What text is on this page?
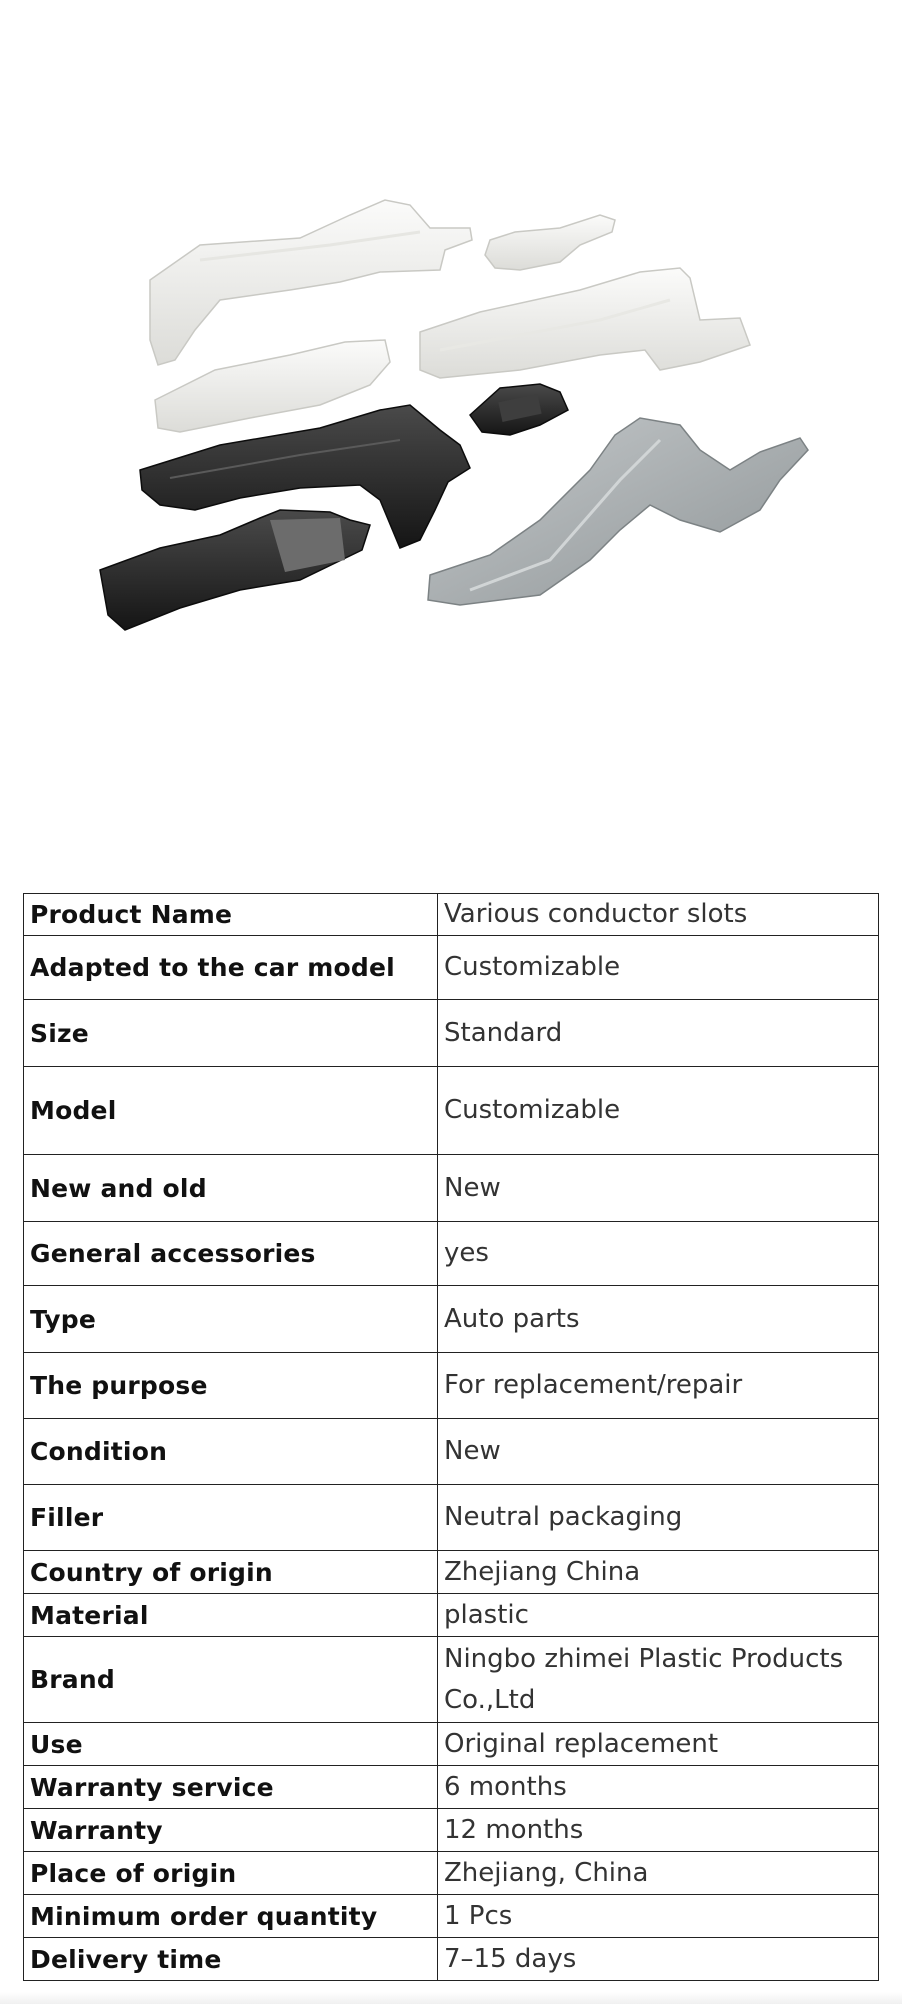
Product Name	Various conductor slots
Adapted to the car model	Customizable
Size	Standard
Model	Customizable
New and old	New
General accessories	yes
Type	Auto parts
The purpose	For replacement/repair
Condition	New
Filler	Neutral packaging
Country of origin	Zhejiang China
Material	plastic
Brand	Ningbo zhimei Plastic Products Co.,Ltd
Use	Original replacement
Warranty service	6 months
Warranty	12 months
Place of origin	Zhejiang, China
Minimum order quantity	1 Pcs
Delivery time	7–15 days
